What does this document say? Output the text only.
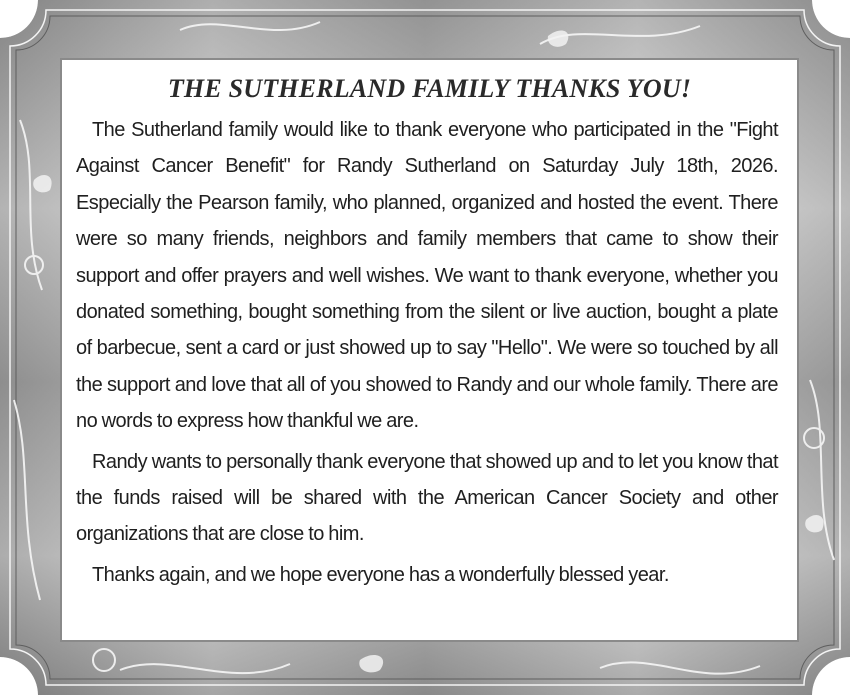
THE SUTHERLAND FAMILY THANKS YOU!

The Sutherland family would like to thank everyone who participated in the "Fight Against Cancer Benefit" for Randy Sutherland on Saturday July 18th, 2026. Especially the Pearson family, who planned, organized and hosted the event. There were so many friends, neighbors and family members that came to show their support and offer prayers and well wishes. We want to thank everyone, whether you donated something, bought something from the silent or live auction, bought a plate of barbecue, sent a card or just showed up to say "Hello". We were so touched by all the support and love that all of you showed to Randy and our whole family. There are no words to express how thankful we are.

Randy wants to personally thank everyone that showed up and to let you know that the funds raised will be shared with the American Cancer Society and other organizations that are close to him.

Thanks again, and we hope everyone has a wonderfully blessed year.
